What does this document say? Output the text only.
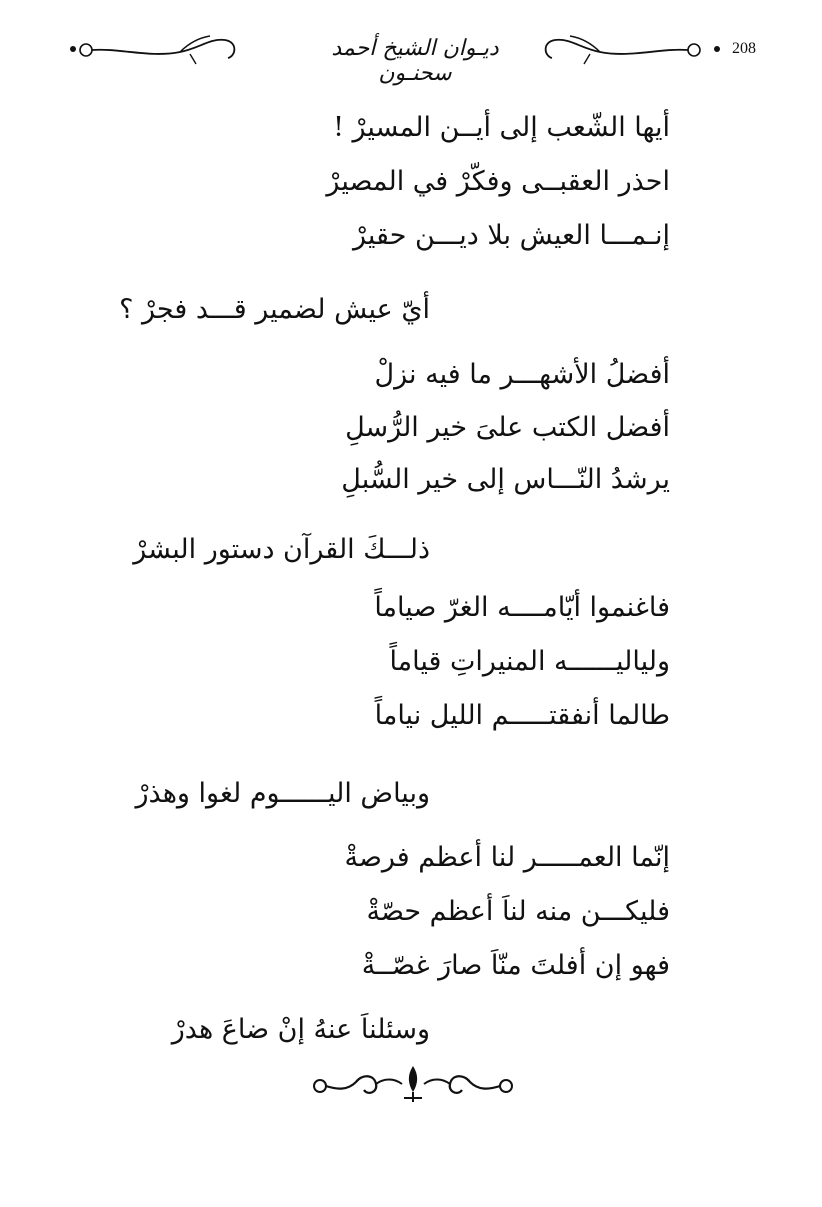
ديـوان الشيخ أحمد سحنـون
208
أيها الشّعب إلى أيــن المسيرْ !
احذر العقبــى وفكّرْ في المصيرْ
إنـمـــا العيش بلا ديـــن حقيرْ
أيّ عيش لضمير قـــد فجرْ ؟
أفضلُ الأشهـــر ما فيه نزلْ
أفضل الكتب علىَ خير الرُّسلِ
يرشدُ النّـــاس إلى خير السُّبلِ
ذلـــكَ القرآن دستور البشرْ
فاغنموا أيّامــــه الغرّ صياماً
ولياليــــــه المنيراتِ قياماً
طالما أنفقتـــــم الليل نياماً
وبياض اليــــــوم لغوا وهذرْ
إنّما العمـــــر لنا أعظم فرصةْ
فليكـــن منه لناَ أعظم حصّةْ
فهو إن أفلتَ منّاَ صارَ غصّــةْ
وسئلناَ عنهُ إنْ ضاعَ هدرْ
